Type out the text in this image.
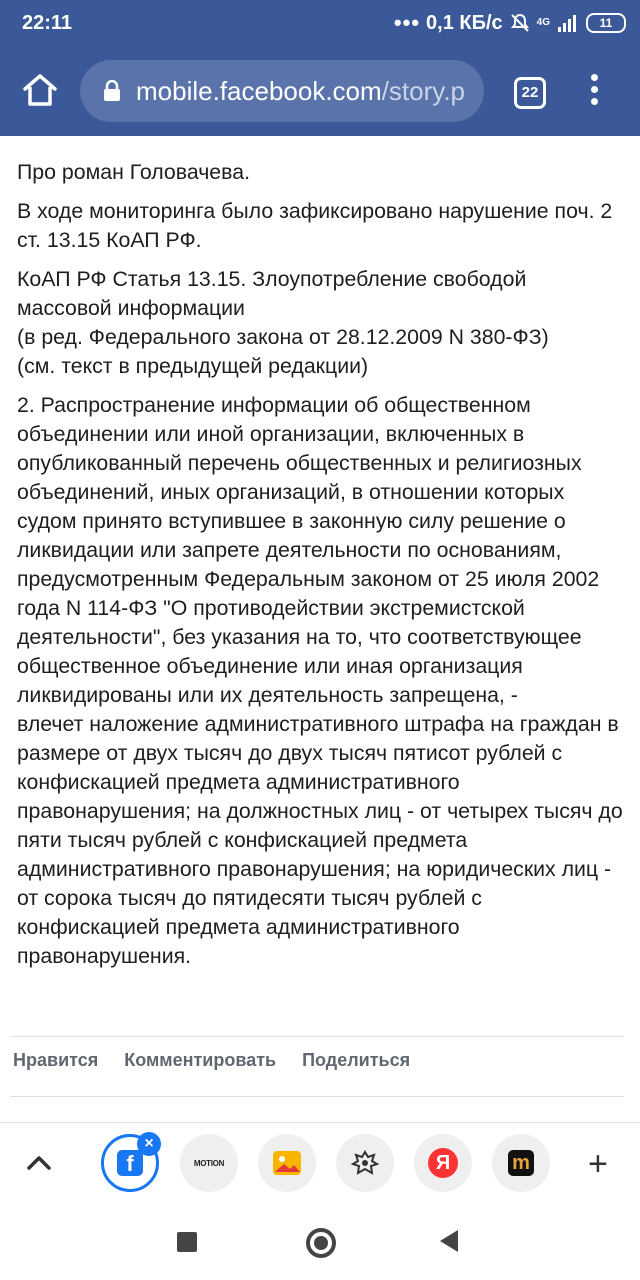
22:11	••• 0,1 КБ/с	4G	11
mobile.facebook.com/story.p	22

Про роман Головачева.

В ходе мониторинга было зафиксировано нарушение поч. 2 ст. 13.15 КоАП РФ.

КоАП РФ Статья 13.15. Злоупотребление свободой массовой информации
(в ред. Федерального закона от 28.12.2009 N 380-ФЗ)
(см. текст в предыдущей редакции)

2. Распространение информации об общественном объединении или иной организации, включенных в опубликованный перечень общественных и религиозных объединений, иных организаций, в отношении которых судом принято вступившее в законную силу решение о ликвидации или запрете деятельности по основаниям, предусмотренным Федеральным законом от 25 июля 2002 года N 114-ФЗ "О противодействии экстремистской деятельности", без указания на то, что соответствующее общественное объединение или иная организация ликвидированы или их деятельность запрещена, -
влечет наложение административного штрафа на граждан в размере от двух тысяч до двух тысяч пятисот рублей с конфискацией предмета административного правонарушения; на должностных лиц - от четырех тысяч до пяти тысяч рублей с конфискацией предмета административного правонарушения; на юридических лиц - от сорока тысяч до пятидесяти тысяч рублей с конфискацией предмета административного правонарушения.

Нравится Комментировать Поделиться
f
×
MOTION	Я	m +
